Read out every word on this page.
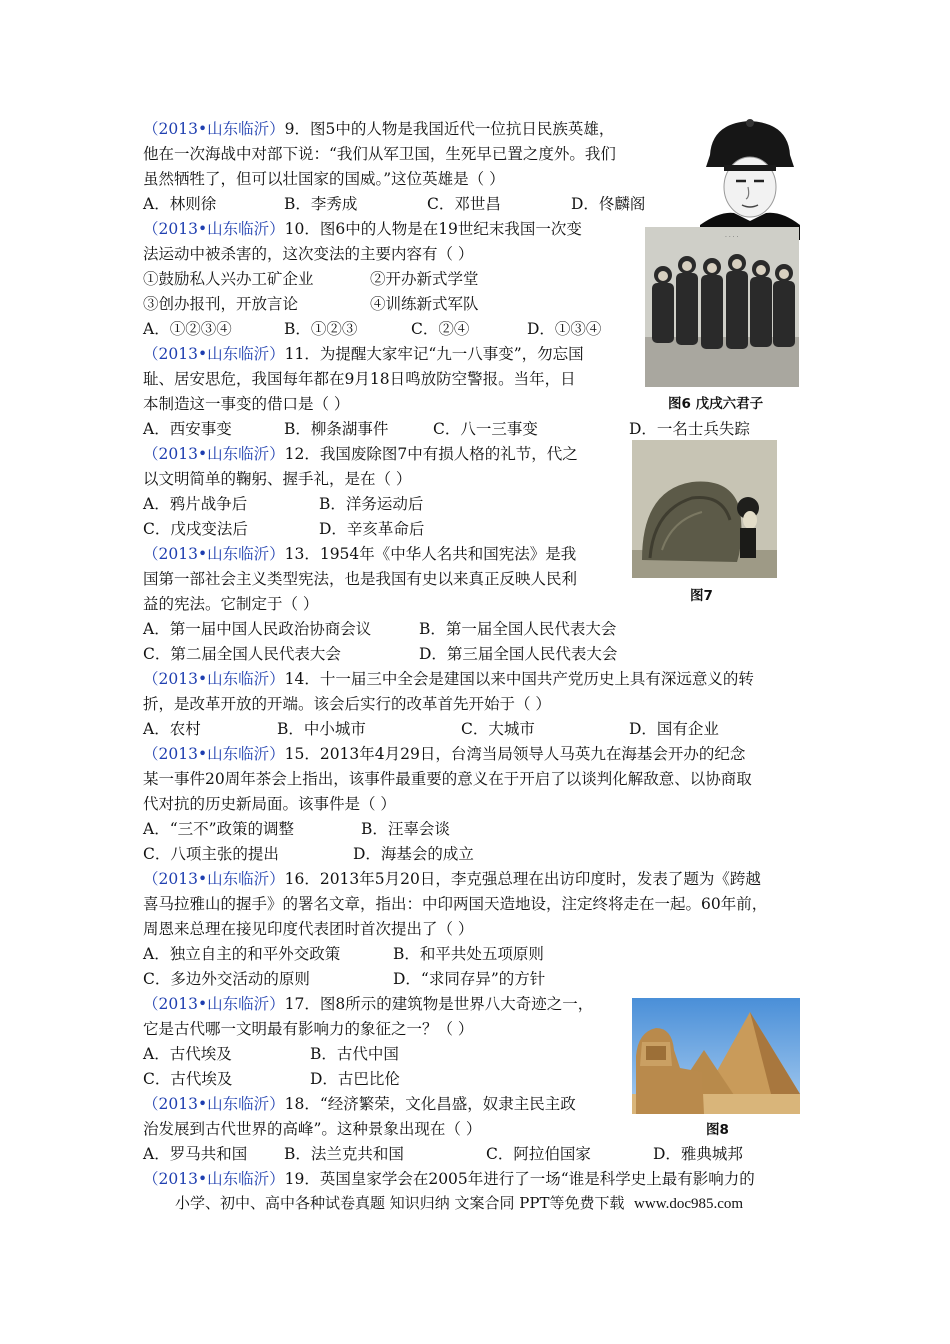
（2013•山东临沂）9．图5中的人物是我国近代一位抗日民族英雄，
他在一次海战中对部下说：“我们从军卫国，生死早已置之度外。我们
虽然牺牲了，但可以壮国家的国威。”这位英雄是（ ）
A．林则徐	B．李秀成	C．邓世昌	D．佟麟阁
（2013•山东临沂）10．图6中的人物是在19世纪末我国一次变
法运动中被杀害的，这次变法的主要内容有（ ）
①鼓励私人兴办工矿企业	②开办新式学堂
③创办报刊，开放言论	④训练新式军队
A．①②③④	B．①②③	C．②④	D．①③④
（2013•山东临沂）11．为提醒大家牢记“九一八事变”，勿忘国
耻、居安思危，我国每年都在9月18日鸣放防空警报。当年，日
本制造这一事变的借口是（ ）
A．西安事变	B．柳条湖事件	C．八一三事变	D．一名士兵失踪
（2013•山东临沂）12．我国废除图7中有损人格的礼节，代之
以文明简单的鞠躬、握手礼，是在（ ）
A．鸦片战争后	B．洋务运动后
C．戊戌变法后	D．辛亥革命后
（2013•山东临沂）13．1954年《中华人名共和国宪法》是我
国第一部社会主义类型宪法，也是我国有史以来真正反映人民利
益的宪法。它制定于（ ）
A．第一届中国人民政治协商会议	B．第一届全国人民代表大会
C．第二届全国人民代表大会	D．第三届全国人民代表大会
（2013•山东临沂）14．十一届三中全会是建国以来中国共产党历史上具有深远意义的转
折，是改革开放的开端。该会后实行的改革首先开始于（ ）
A．农村	B．中小城市	C．大城市	D．国有企业
（2013•山东临沂）15．2013年4月29日，台湾当局领导人马英九在海基会开办的纪念
某一事件20周年茶会上指出，该事件最重要的意义在于开启了以谈判化解敌意、以协商取
代对抗的历史新局面。该事件是（ ）
A．“三不”政策的调整	B．汪辜会谈
C．八项主张的提出	D．海基会的成立
（2013•山东临沂）16．2013年5月20日，李克强总理在出访印度时，发表了题为《跨越
喜马拉雅山的握手》的署名文章，指出：中印两国天造地设，注定终将走在一起。60年前，
周恩来总理在接见印度代表团时首次提出了（ ）
A．独立自主的和平外交政策	B．和平共处五项原则
C．多边外交活动的原则	D．“求同存异”的方针
（2013•山东临沂）17．图8所示的建筑物是世界八大奇迹之一，
它是古代哪一文明最有影响力的象征之一？（ ）
A．古代埃及	B．古代中国
C．古代埃及	D．古巴比伦
（2013•山东临沂）18．“经济繁荣，文化昌盛，奴隶主民主政
治发展到古代世界的高峰”。这种景象出现在（ ）
A．罗马共和国 B．法兰克共和国	C．阿拉伯国家	D．雅典城邦
（2013•山东临沂）19．英国皇家学会在2005年进行了一场“谁是科学史上最有影响力的
· · · ·
图6 戊戌六君子
图7
图8
小学、初中、高中各种试卷真题 知识归纳 文案合同 PPT等免费下载 www.doc985.com
